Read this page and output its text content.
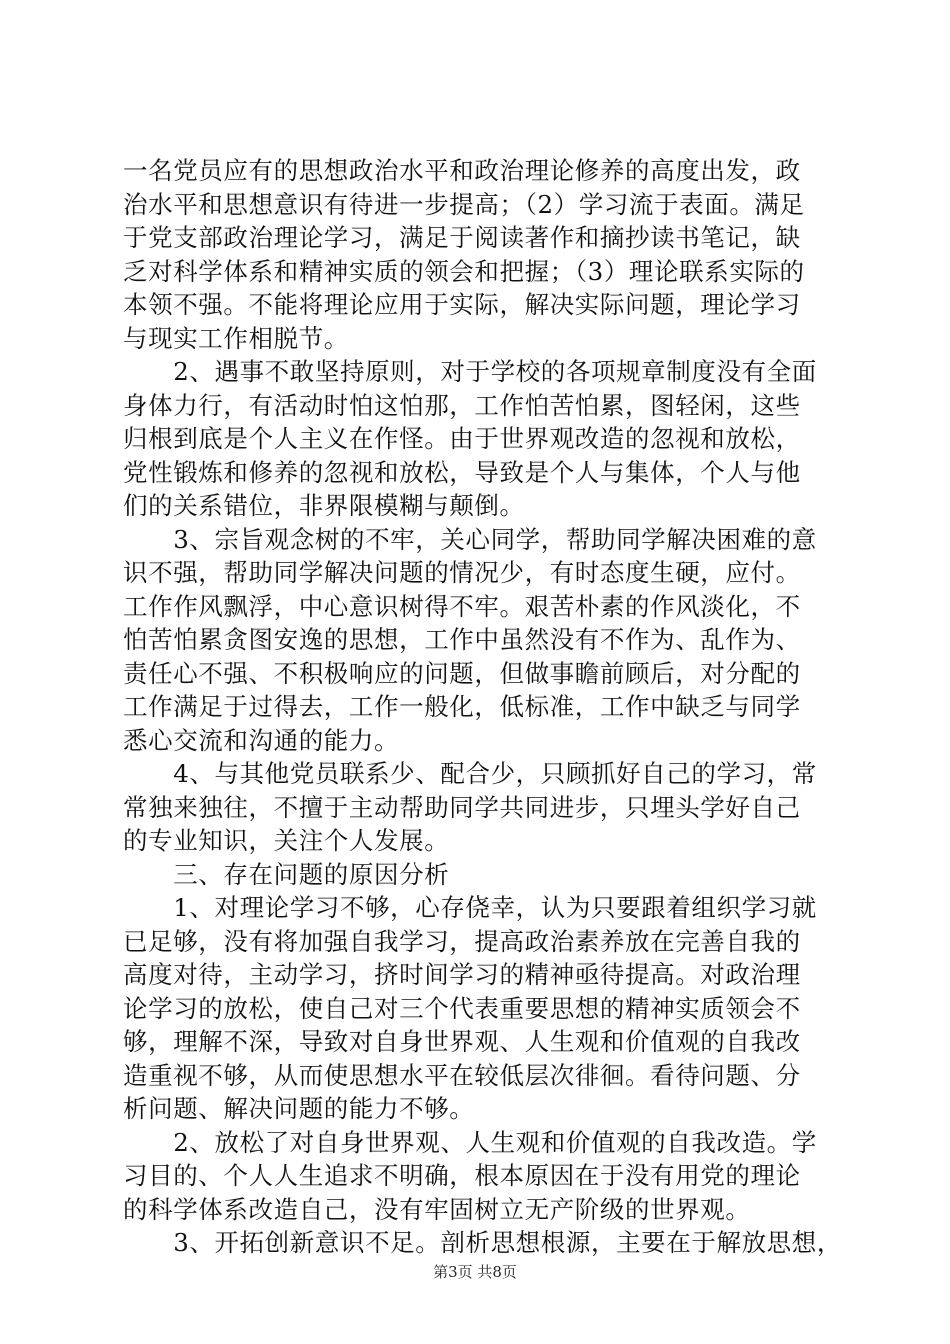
一名党员应有的思想政治水平和政治理论修养的高度出发，政
治水平和思想意识有待进一步提高；（2）学习流于表面。满足
于党支部政治理论学习，满足于阅读著作和摘抄读书笔记，缺
乏对科学体系和精神实质的领会和把握；（3）理论联系实际的
本领不强。不能将理论应用于实际，解决实际问题，理论学习
与现实工作相脱节。
　　2、遇事不敢坚持原则，对于学校的各项规章制度没有全面
身体力行，有活动时怕这怕那，工作怕苦怕累，图轻闲，这些
归根到底是个人主义在作怪。由于世界观改造的忽视和放松，
党性锻炼和修养的忽视和放松，导致是个人与集体，个人与他
们的关系错位，非界限模糊与颠倒。
　　3、宗旨观念树的不牢，关心同学，帮助同学解决困难的意
识不强，帮助同学解决问题的情况少，有时态度生硬，应付。
工作作风飘浮，中心意识树得不牢。艰苦朴素的作风淡化，不
怕苦怕累贪图安逸的思想，工作中虽然没有不作为、乱作为、
责任心不强、不积极响应的问题，但做事瞻前顾后，对分配的
工作满足于过得去，工作一般化，低标准，工作中缺乏与同学
悉心交流和沟通的能力。
　　4、与其他党员联系少、配合少，只顾抓好自己的学习，常
常独来独往，不擅于主动帮助同学共同进步，只埋头学好自己
的专业知识，关注个人发展。
　　三、存在问题的原因分析
　　1、对理论学习不够，心存侥幸，认为只要跟着组织学习就
已足够，没有将加强自我学习，提高政治素养放在完善自我的
高度对待，主动学习，挤时间学习的精神亟待提高。对政治理
论学习的放松，使自己对三个代表重要思想的精神实质领会不
够，理解不深，导致对自身世界观、人生观和价值观的自我改
造重视不够，从而使思想水平在较低层次徘徊。看待问题、分
析问题、解决问题的能力不够。
　　2、放松了对自身世界观、人生观和价值观的自我改造。学
习目的、个人人生追求不明确，根本原因在于没有用党的理论
的科学体系改造自己，没有牢固树立无产阶级的世界观。
　　3、开拓创新意识不足。剖析思想根源，主要在于解放思想，
第3页 共8页
